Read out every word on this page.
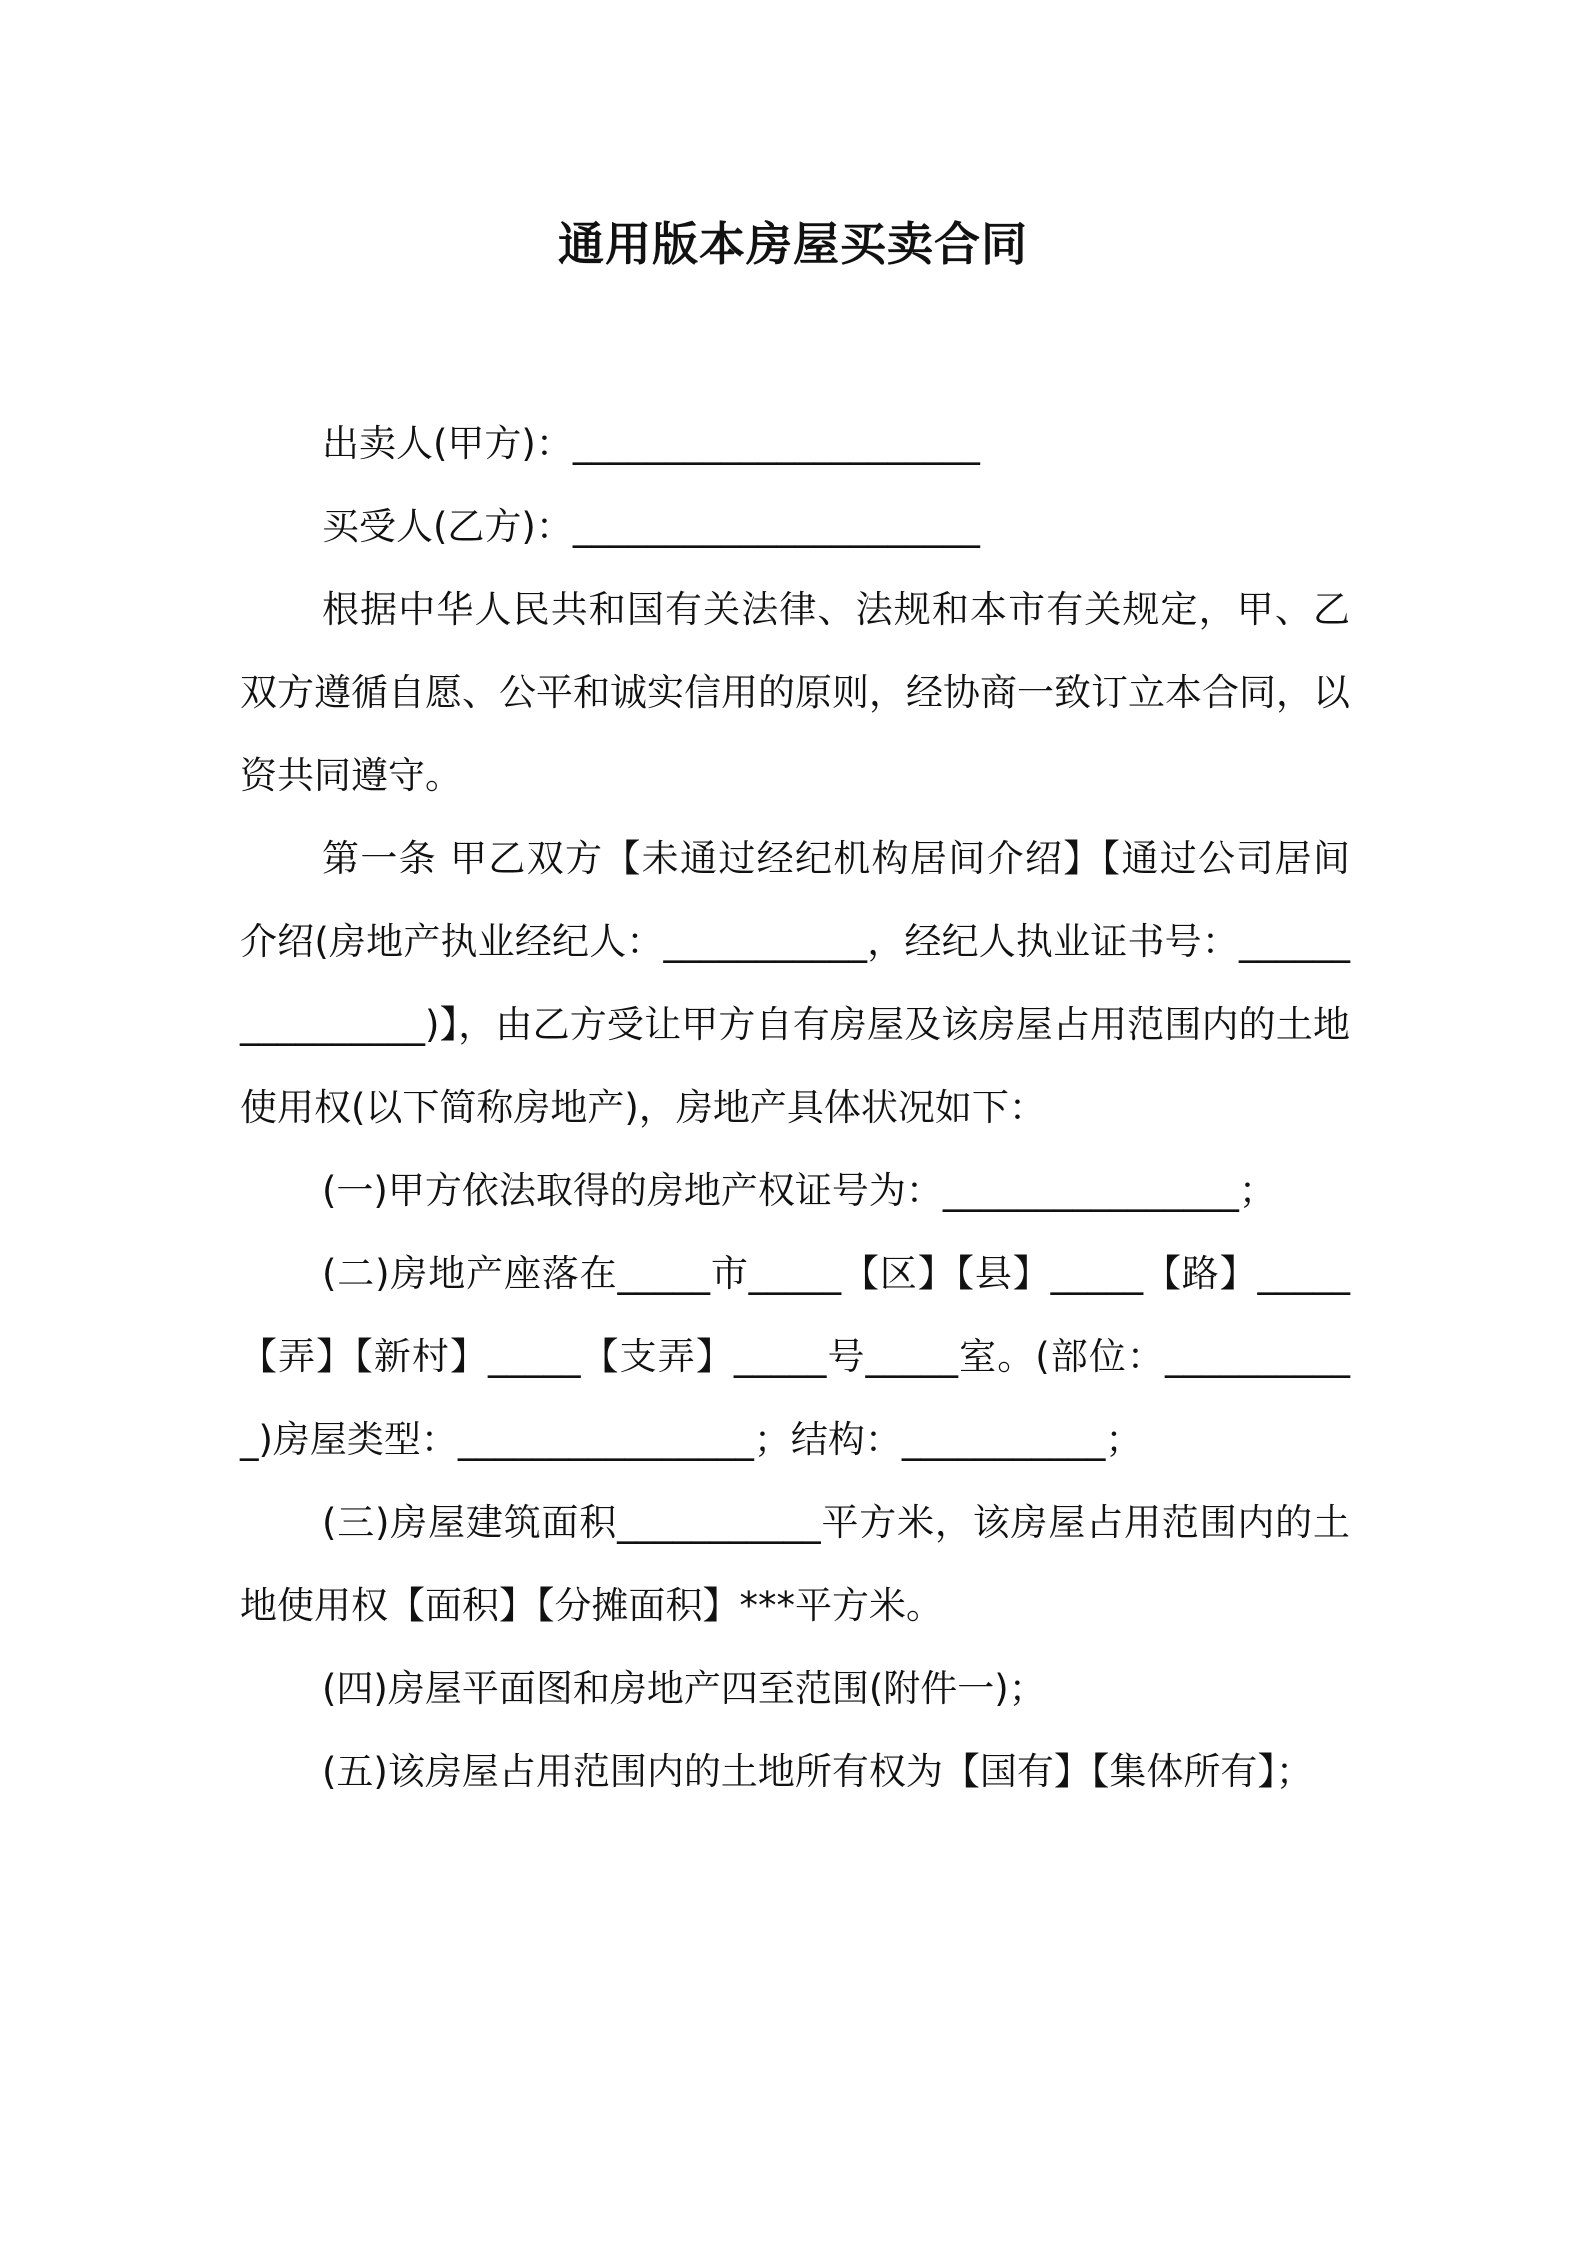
通用版本房屋买卖合同

出卖人(甲方)：______________________

买受人(乙方)：______________________

根据中华人民共和国有关法律、法规和本市有关规定，甲、乙双方遵循自愿、公平和诚实信用的原则，经协商一致订立本合同，以资共同遵守。

第一条 甲乙双方【未通过经纪机构居间介绍】【通过公司居间介绍(房地产执业经纪人：___________，经纪人执业证书号：________________)】，由乙方受让甲方自有房屋及该房屋占用范围内的土地使用权(以下简称房地产)，房地产具体状况如下：

(一)甲方依法取得的房地产权证号为：________________；

(二)房地产座落在_____市_____【区】【县】_____【路】_____【弄】【新村】_____【支弄】_____号_____室。(部位：___________)房屋类型：________________；结构：___________；

(三)房屋建筑面积___________平方米，该房屋占用范围内的土地使用权【面积】【分摊面积】***平方米。

(四)房屋平面图和房地产四至范围(附件一)；

(五)该房屋占用范围内的土地所有权为【国有】【集体所有】；
